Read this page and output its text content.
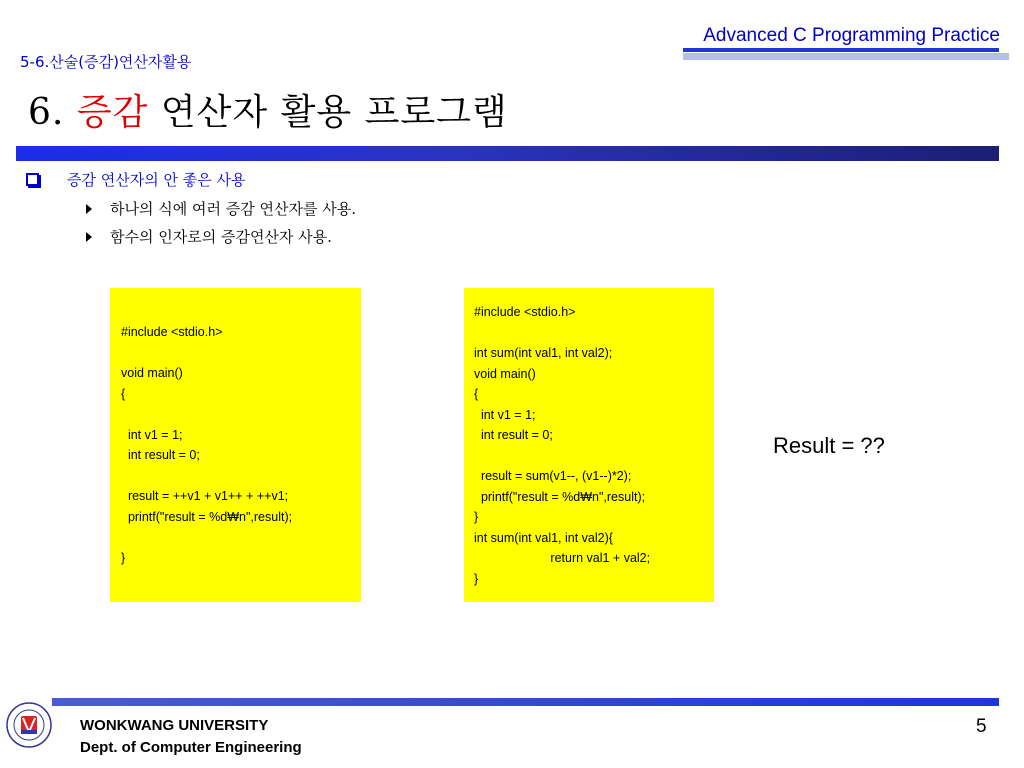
Advanced C Programming Practice
5-6.산술(증감)연산자활용
6. 증감 연산자 활용 프로그램
증감 연산자의 안 좋은 사용
하나의 식에 여러 증감 연산자를 사용.
함수의 인자로의 증감연산자 사용.

#include <stdio.h>

void main()
{

int v1 = 1;
int result = 0;

result = ++v1 + v1++ + ++v1;
printf("result = %d₩n",result);

}

#include <stdio.h>

int sum(int val1, int val2);
void main()
{
int v1 = 1;
int result = 0;

result = sum(v1--, (v1--)*2);
printf("result = %d₩n",result);
}
int sum(int val1, int val2){
return val1 + val2;
}

Result = ??
WONKWANG UNIVERSITY
Dept. of Computer Engineering
5
